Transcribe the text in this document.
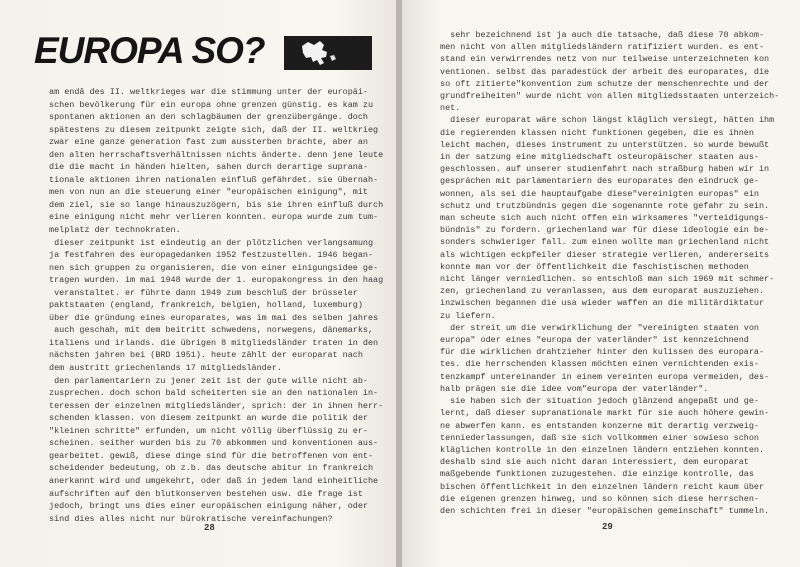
EUROPA SO?
am endâ des II. weltkrieges war die stimmung unter der europäi-
schen bevölkerung für ein europa ohne grenzen günstig. es kam zu
spontanen aktionen an den schlagbäumen der grenzübergänge. doch
spätestens zu diesem zeitpunkt zeigte sich, daß der II. weltkrieg
zwar eine ganze generation fast zum aussterben brachte, aber an
den alten herrschaftsverhältnissen nichts änderte. denn jene leute
die die macht in händen hielten, sahen durch derartige suprana-
tionale aktionen ihren nationalen einfluß gefährdet. sie übernah-
men von nun an die steuerung einer "europäischen einigung", mit
dem ziel, sie so lange hinauszuzögern, bis sie ihren einfluß durch
eine einigung nicht mehr verlieren konnten. europa wurde zum tum-
melplatz der technokraten.
dieser zeitpunkt ist eindeutig an der plötzlichen verlangsamung
ja festfahren des europagedanken 1952 festzustellen. 1946 began-
nen sich gruppen zu organisieren, die von einer einigungsidee ge-
tragen wurden. im mai 1948 wurde der 1. europakongress in den haag
veranstaltet. er führte dann 1949 zum beschluß der brüsseler
paktstaaten (england, frankreich, belgien, holland, luxemburg)
über die gründung eines europarates, was im mai des selben jahres
auch geschah, mit dem beitritt schwedens, norwegens, dänemarks,
italiens und irlands. die übrigen 8 mitgliedsländer traten in den
nächsten jahren bei (BRD 1951). heute zählt der europarat nach
dem austritt griechenlands 17 mitgliedsländer.
den parlamentariern zu jener zeit ist der gute wille nicht ab-
zusprechen. doch schon bald scheiterten sie an den nationalen in-
teressen der einzelnen mitgliedsländer, sprich: der in ihnen herr-
schenden klassen. von diesem zeitpunkt an wurde die politik der
"kleinen schritte" erfunden, um nicht völlig überflüssig zu er-
scheinen. seither wurden bis zu 70 abkommen und konventionen aus-
gearbeitet. gewiß, diese dinge sind für die betroffenen von ent-
scheidender bedeutung, ob z.b. das deutsche abitur in frankreich
anerkannt wird und umgekehrt, oder daß in jedem land einheitliche
aufschriften auf den blutkonserven bestehen usw. die frage ist
jedoch, bringt uns dies einer europäischen einigung näher, oder
sind dies alles nicht nur bürokratische vereinfachungen?
28
sehr bezeichnend ist ja auch die tatsache, daß diese 70 abkom-
men nicht von allen mitgliedsländern ratifiziert wurden. es ent-
stand ein verwirrendes netz von nur teilweise unterzeichneten kon
ventionen. selbst das paradestück der arbeit des europarates, die
so oft zitierte"konvention zum schutze der menschenrechte und der
grundfreiheiten" wurde nicht von allen mitgliedsstaaten unterzeich-
net.
dieser europarat wäre schon längst kläglich versiegt, hätten ihm
die regierenden klassen nicht funktionen gegeben, die es ihnen
leicht machen, dieses instrument zu unterstützen. so wurde bewußt
in der satzung eine mitgliedschaft osteuropäischer staaten aus-
geschlossen. auf unserer studienfahrt nach straßburg haben wir in
gesprächen mit parlamentariern des europarates den eindruck ge-
wonnen, als sei die hauptaufgabe diese"vereinigten europas" ein
schutz und trutzbündnis gegen die sogenannte rote gefahr zu sein.
man scheute sich auch nicht offen ein wirksameres "verteidigungs-
bündnis" zu fordern. griechenland war für diese ideologie ein be-
sonders schwieriger fall. zum einen wollte man griechenland nicht
als wichtigen eckpfeiler dieser strategie verlieren, andererseits
konnte man vor der öffentlichkeit die faschistischen methoden
nicht länger verniedlichen. so entschloß man sich 1969 mit schmer-
zen, griechenland zu veranlassen, aus dem europarat auszuziehen.
inzwischen begannen die usa wieder waffen an die militärdiktatur
zu liefern.
der streit um die verwirklichung der "vereinigten staaten von
europa" oder eines "europa der vaterländer" ist kennzeichnend
für die wirklichen drahtzieher hinter den kulissen des europara-
tes. die herrschenden klassen möchten einen vernichtenden exis-
tenzkampf untereinander in einem vereinten europa vermeiden, des-
halb prägen sie die idee vom"europa der vaterländer".
sie haben sich der situation jedoch glänzend angepaßt und ge-
lernt, daß dieser supranationale markt für sie auch höhere gewin-
ne abwerfen kann. es entstanden konzerne mit derartig verzweig-
tenniederlassungen, daß sie sich vollkommen einer sowieso schon
kläglichen kontrolle in den einzelnen ländern entziehen konnten.
deshalb sind sie auch nicht daran interessiert, dem europarat
maßgebende funktionen zuzugestehen. die einzige kontrolle, das
bischen öffentlichkeit in den einzelnen ländern reicht kaum über
die eigenen grenzen hinweg, und so können sich diese herrschen-
den schichten frei in dieser "europäischen gemeinschaft" tummeln.
29
